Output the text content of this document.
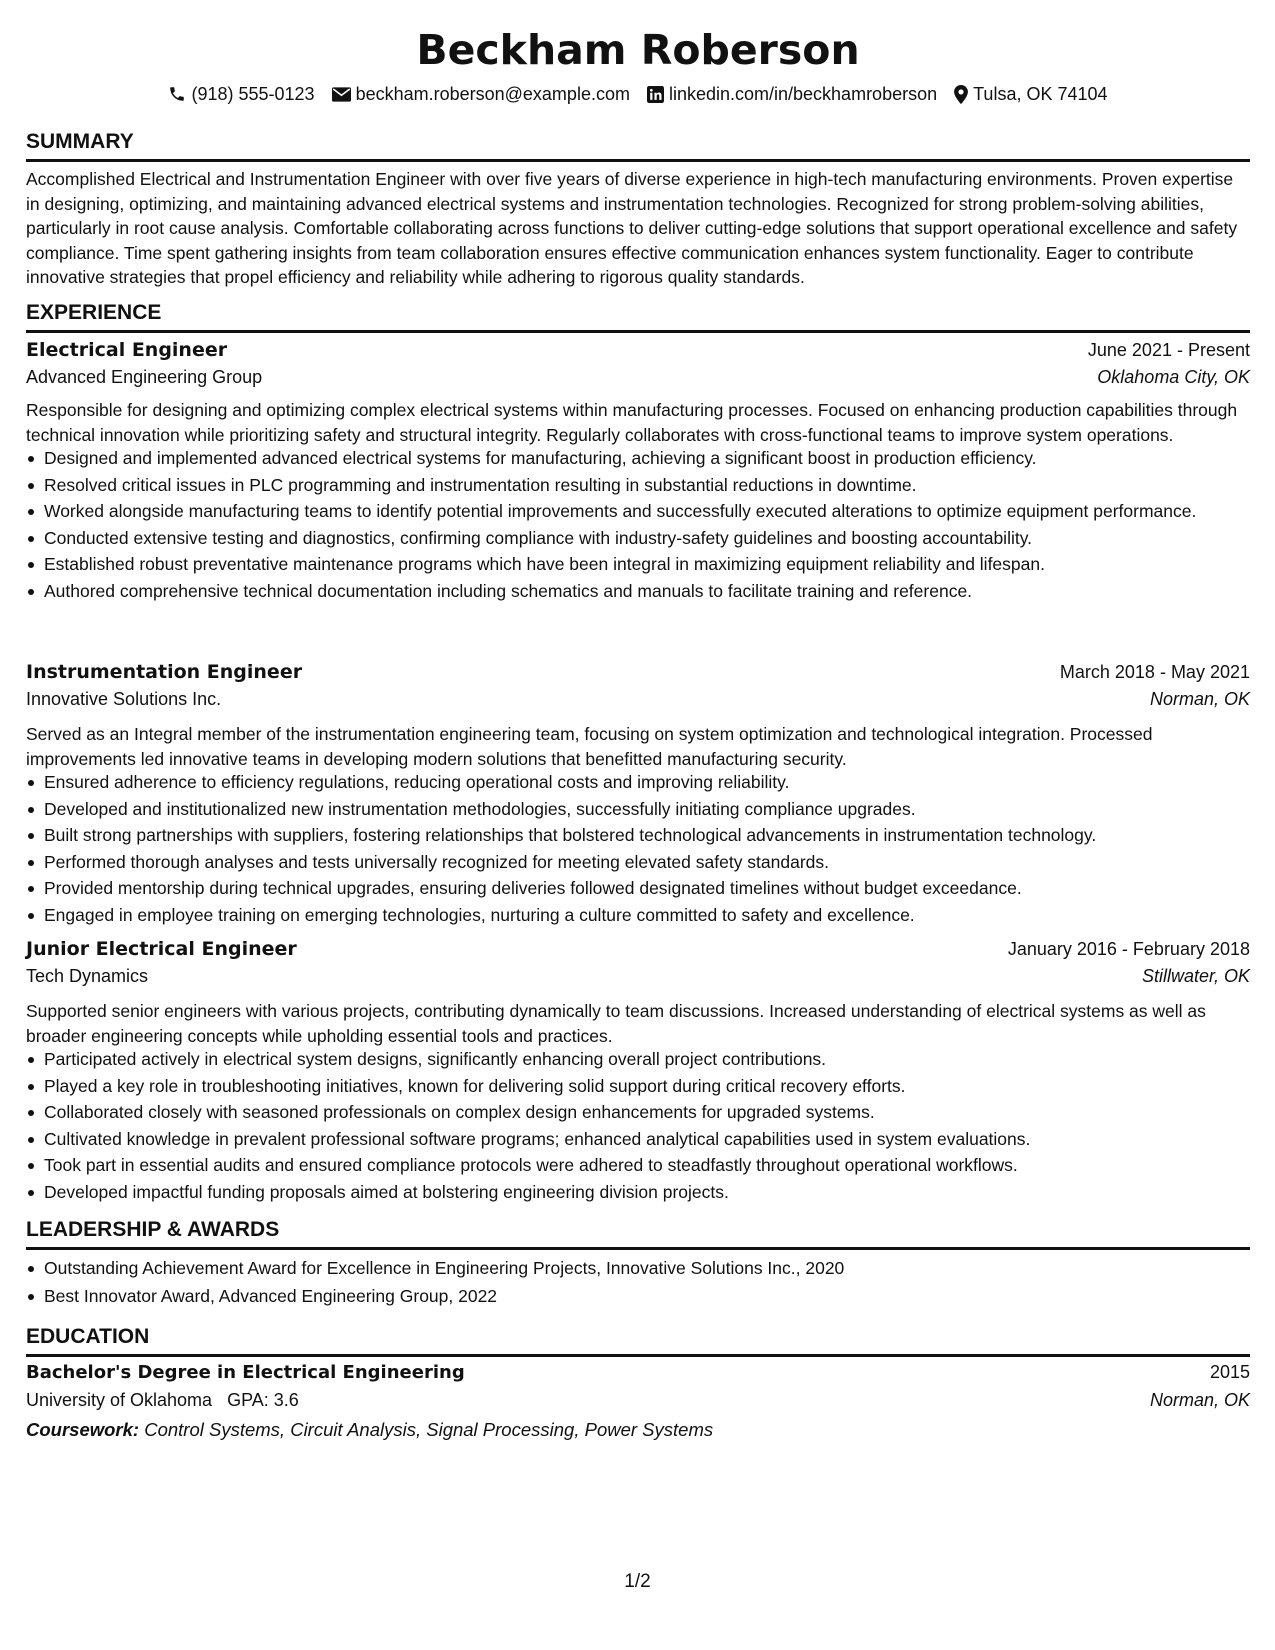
Beckham Roberson
(918) 555-0123 beckham.roberson@example.com linkedin.com/in/beckhamroberson Tulsa, OK 74104
SUMMARY
Accomplished Electrical and Instrumentation Engineer with over five years of diverse experience in high-tech manufacturing environments. Proven expertise in designing, optimizing, and maintaining advanced electrical systems and instrumentation technologies. Recognized for strong problem-solving abilities, particularly in root cause analysis. Comfortable collaborating across functions to deliver cutting-edge solutions that support operational excellence and safety compliance. Time spent gathering insights from team collaboration ensures effective communication enhances system functionality. Eager to contribute innovative strategies that propel efficiency and reliability while adhering to rigorous quality standards.
EXPERIENCE
Electrical Engineer	June 2021 - Present
Advanced Engineering Group	Oklahoma City, OK
Responsible for designing and optimizing complex electrical systems within manufacturing processes. Focused on enhancing production capabilities through technical innovation while prioritizing safety and structural integrity. Regularly collaborates with cross-functional teams to improve system operations.
Designed and implemented advanced electrical systems for manufacturing, achieving a significant boost in production efficiency.
Resolved critical issues in PLC programming and instrumentation resulting in substantial reductions in downtime.
Worked alongside manufacturing teams to identify potential improvements and successfully executed alterations to optimize equipment performance.
Conducted extensive testing and diagnostics, confirming compliance with industry-safety guidelines and boosting accountability.
Established robust preventative maintenance programs which have been integral in maximizing equipment reliability and lifespan.
Authored comprehensive technical documentation including schematics and manuals to facilitate training and reference.
Instrumentation Engineer	March 2018 - May 2021
Innovative Solutions Inc.	Norman, OK
Served as an Integral member of the instrumentation engineering team, focusing on system optimization and technological integration. Processed improvements led innovative teams in developing modern solutions that benefitted manufacturing security.
Ensured adherence to efficiency regulations, reducing operational costs and improving reliability.
Developed and institutionalized new instrumentation methodologies, successfully initiating compliance upgrades.
Built strong partnerships with suppliers, fostering relationships that bolstered technological advancements in instrumentation technology.
Performed thorough analyses and tests universally recognized for meeting elevated safety standards.
Provided mentorship during technical upgrades, ensuring deliveries followed designated timelines without budget exceedance.
Engaged in employee training on emerging technologies, nurturing a culture committed to safety and excellence.
Junior Electrical Engineer	January 2016 - February 2018
Tech Dynamics	Stillwater, OK
Supported senior engineers with various projects, contributing dynamically to team discussions. Increased understanding of electrical systems as well as broader engineering concepts while upholding essential tools and practices.
Participated actively in electrical system designs, significantly enhancing overall project contributions.
Played a key role in troubleshooting initiatives, known for delivering solid support during critical recovery efforts.
Collaborated closely with seasoned professionals on complex design enhancements for upgraded systems.
Cultivated knowledge in prevalent professional software programs; enhanced analytical capabilities used in system evaluations.
Took part in essential audits and ensured compliance protocols were adhered to steadfastly throughout operational workflows.
Developed impactful funding proposals aimed at bolstering engineering division projects.
LEADERSHIP & AWARDS
Outstanding Achievement Award for Excellence in Engineering Projects, Innovative Solutions Inc., 2020
Best Innovator Award, Advanced Engineering Group, 2022
EDUCATION
Bachelor's Degree in Electrical Engineering	2015
University of Oklahoma GPA: 3.6	Norman, OK
Coursework: Control Systems, Circuit Analysis, Signal Processing, Power Systems
1/2
